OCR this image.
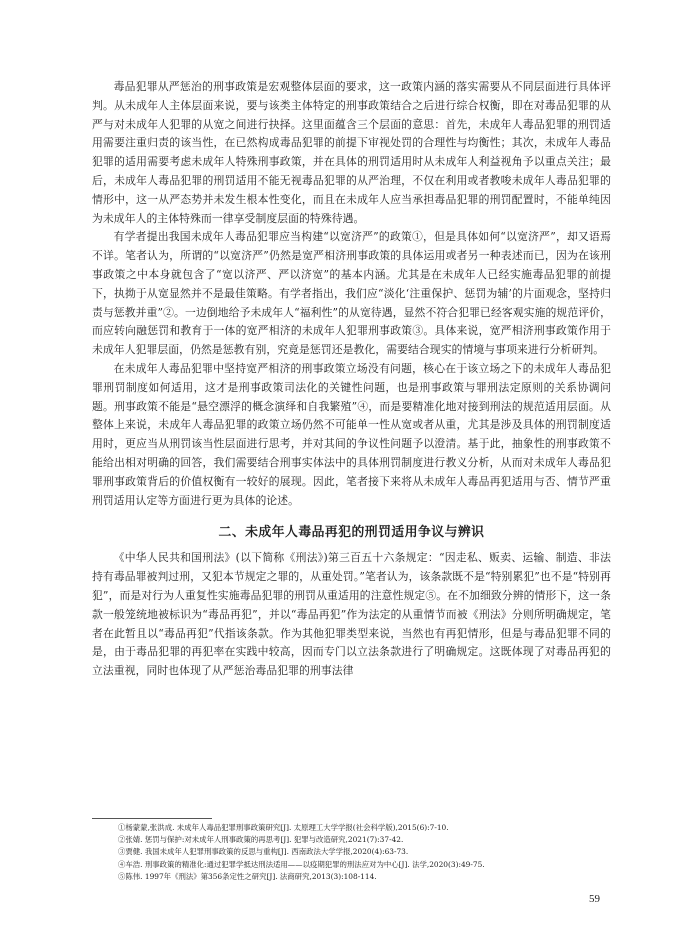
毒品犯罪从严惩治的刑事政策是宏观整体层面的要求，这一政策内涵的落实需要从不同层面进行具体评判。从未成年人主体层面来说，要与该类主体特定的刑事政策结合之后进行综合权衡，即在对毒品犯罪的从严与对未成年人犯罪的从宽之间进行抉择。这里面蕴含三个层面的意思：首先，未成年人毒品犯罪的刑罚适用需要注重归责的该当性，在已然构成毒品犯罪的前提下审视处罚的合理性与均衡性；其次，未成年人毒品犯罪的适用需要考虑未成年人特殊刑事政策，并在具体的刑罚适用时从未成年人利益视角予以重点关注；最后，未成年人毒品犯罪的刑罚适用不能无视毒品犯罪的从严治理，不仅在利用或者教唆未成年人毒品犯罪的情形中，这一从严态势并未发生根本性变化，而且在未成年人应当承担毒品犯罪的刑罚配置时，不能单纯因为未成年人的主体特殊而一律享受制度层面的特殊待遇。

有学者提出我国未成年人毒品犯罪应当构建“以宽济严”的政策①，但是具体如何“以宽济严”，却又语焉不详。笔者认为，所谓的“以宽济严”仍然是宽严相济刑事政策的具体运用或者另一种表述而已，因为在该刑事政策之中本身就包含了“宽以济严、严以济宽”的基本内涵。尤其是在未成年人已经实施毒品犯罪的前提下，执拗于从宽显然并不是最佳策略。有学者指出，我们应“淡化‘注重保护、惩罚为辅’的片面观念，坚持归责与惩教并重”②。一边倒地给予未成年人“福利性”的从宽待遇，显然不符合犯罪已经客观实施的规范评价，而应转向融惩罚和教育于一体的宽严相济的未成年人犯罪刑事政策③。具体来说，宽严相济刑事政策作用于未成年人犯罪层面，仍然是惩教有别，究竟是惩罚还是教化，需要结合现实的情境与事项来进行分析研判。

在未成年人毒品犯罪中坚持宽严相济的刑事政策立场没有问题，核心在于该立场之下的未成年人毒品犯罪刑罚制度如何适用，这才是刑事政策司法化的关键性问题，也是刑事政策与罪刑法定原则的关系协调问题。刑事政策不能是“悬空漂浮的概念演绎和自我繁殖”④，而是要精准化地对接到刑法的规范适用层面。从整体上来说，未成年人毒品犯罪的政策立场仍然不可能单一性从宽或者从重，尤其是涉及具体的刑罚制度适用时，更应当从刑罚该当性层面进行思考，并对其间的争议性问题予以澄清。基于此，抽象性的刑事政策不能给出相对明确的回答，我们需要结合刑事实体法中的具体刑罚制度进行教义分析，从而对未成年人毒品犯罪刑事政策背后的价值权衡有一较好的展现。因此，笔者接下来将从未成年人毒品再犯适用与否、情节严重刑罚适用认定等方面进行更为具体的论述。

二、未成年人毒品再犯的刑罚适用争议与辨识

《中华人民共和国刑法》(以下简称《刑法》)第三百五十六条规定：“因走私、贩卖、运输、制造、非法持有毒品罪被判过刑，又犯本节规定之罪的，从重处罚。”笔者认为，该条款既不是“特别累犯”也不是“特别再犯”，而是对行为人重复性实施毒品犯罪的刑罚从重适用的注意性规定⑤。在不加细致分辨的情形下，这一条款一般笼统地被标识为“毒品再犯”，并以“毒品再犯”作为法定的从重情节而被《刑法》分则所明确规定，笔者在此暂且以“毒品再犯”代指该条款。作为其他犯罪类型来说，当然也有再犯情形，但是与毒品犯罪不同的是，由于毒品犯罪的再犯率在实践中较高，因而专门以立法条款进行了明确规定。这既体现了对毒品再犯的立法重视，同时也体现了从严惩治毒品犯罪的刑事法律

①杨蒙蒙,张洪成. 未成年人毒品犯罪刑事政策研究[J]. 太原理工大学学报(社会科学版),2015(6):7-10.

②张婧. 惩罚与保护:对未成年人刑事政策的再思考[J]. 犯罪与改造研究,2021(7):37-42.

③贾健. 我国未成年人犯罪刑事政策的反思与重构[J]. 西南政法大学学报,2020(4):63-73.

④车浩. 刑事政策的精准化:通过犯罪学抵达刑法适用——以疫期犯罪的刑法应对为中心[J]. 法学,2020(3):49-75.

⑤陈伟. 1997年《刑法》第356条定性之研究[J]. 法商研究,2013(3):108-114.

59
